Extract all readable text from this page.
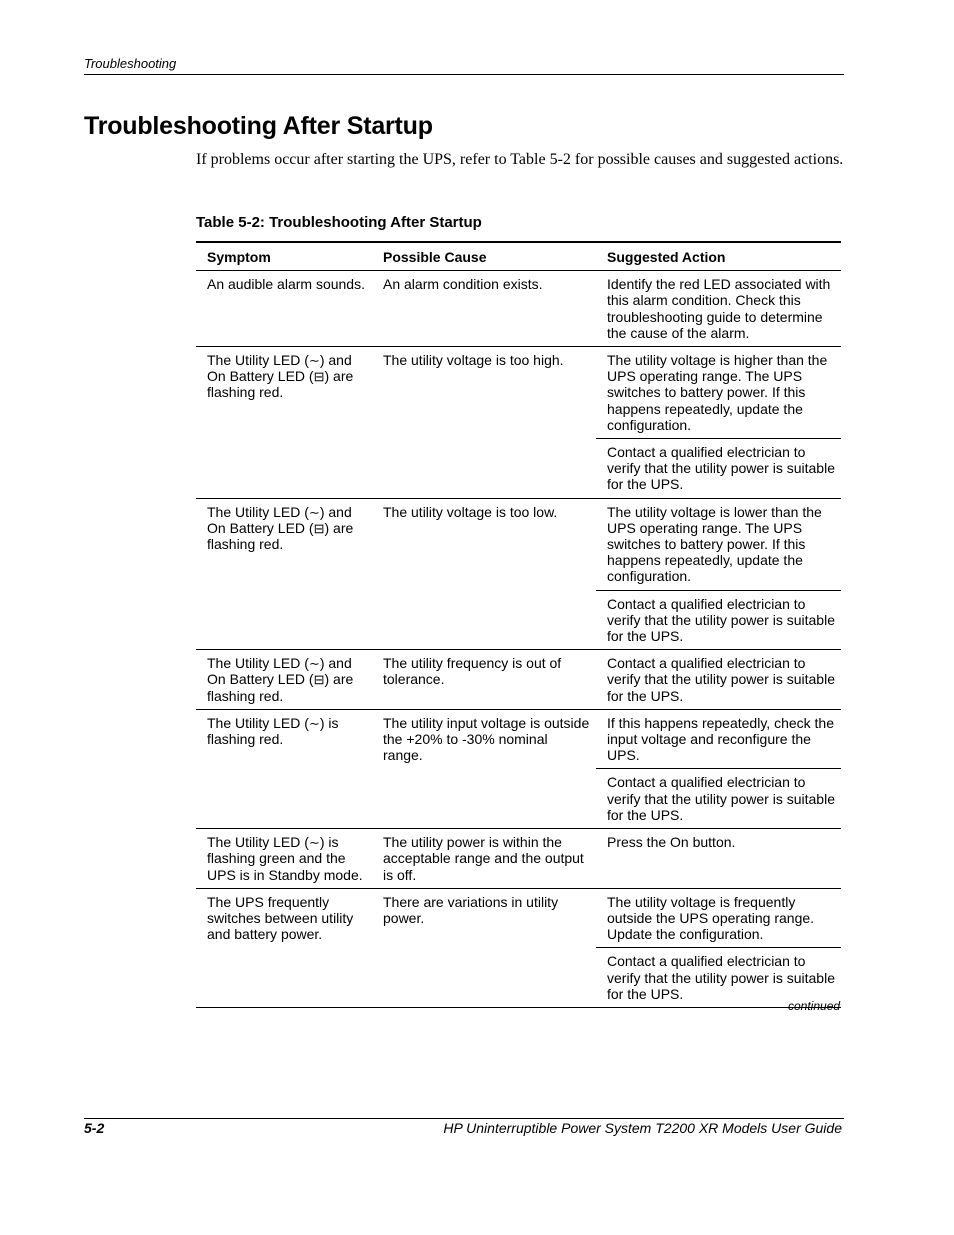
Troubleshooting
Troubleshooting After Startup

If problems occur after starting the UPS, refer to Table 5-2 for possible causes and suggested actions.

Table 5-2: Troubleshooting After Startup
Symptom	Possible Cause	Suggested Action
An audible alarm sounds.	An alarm condition exists.	Identify the red LED associated with this alarm condition. Check this troubleshooting guide to determine the cause of the alarm.
The Utility LED (∼) and On Battery LED (⊟) are flashing red.	The utility voltage is too high.	The utility voltage is higher than the UPS operating range. The UPS switches to battery power. If this happens repeatedly, update the configuration.
		Contact a qualified electrician to verify that the utility power is suitable for the UPS.
The Utility LED (∼) and On Battery LED (⊟) are flashing red.	The utility voltage is too low.	The utility voltage is lower than the UPS operating range. The UPS switches to battery power. If this happens repeatedly, update the configuration.
		Contact a qualified electrician to verify that the utility power is suitable for the UPS.
The Utility LED (∼) and On Battery LED (⊟) are flashing red.	The utility frequency is out of tolerance.	Contact a qualified electrician to verify that the utility power is suitable for the UPS.
The Utility LED (∼) is flashing red.	The utility input voltage is outside the +20% to -30% nominal range.	If this happens repeatedly, check the input voltage and reconfigure the UPS.
		Contact a qualified electrician to verify that the utility power is suitable for the UPS.
The Utility LED (∼) is flashing green and the UPS is in Standby mode.	The utility power is within the acceptable range and the output is off.	Press the On button.
The UPS frequently switches between utility and battery power.	There are variations in utility power.	The utility voltage is frequently outside the UPS operating range. Update the configuration.
		Contact a qualified electrician to verify that the utility power is suitable for the UPS.
continued
5-2	HP Uninterruptible Power System T2200 XR Models User Guide
